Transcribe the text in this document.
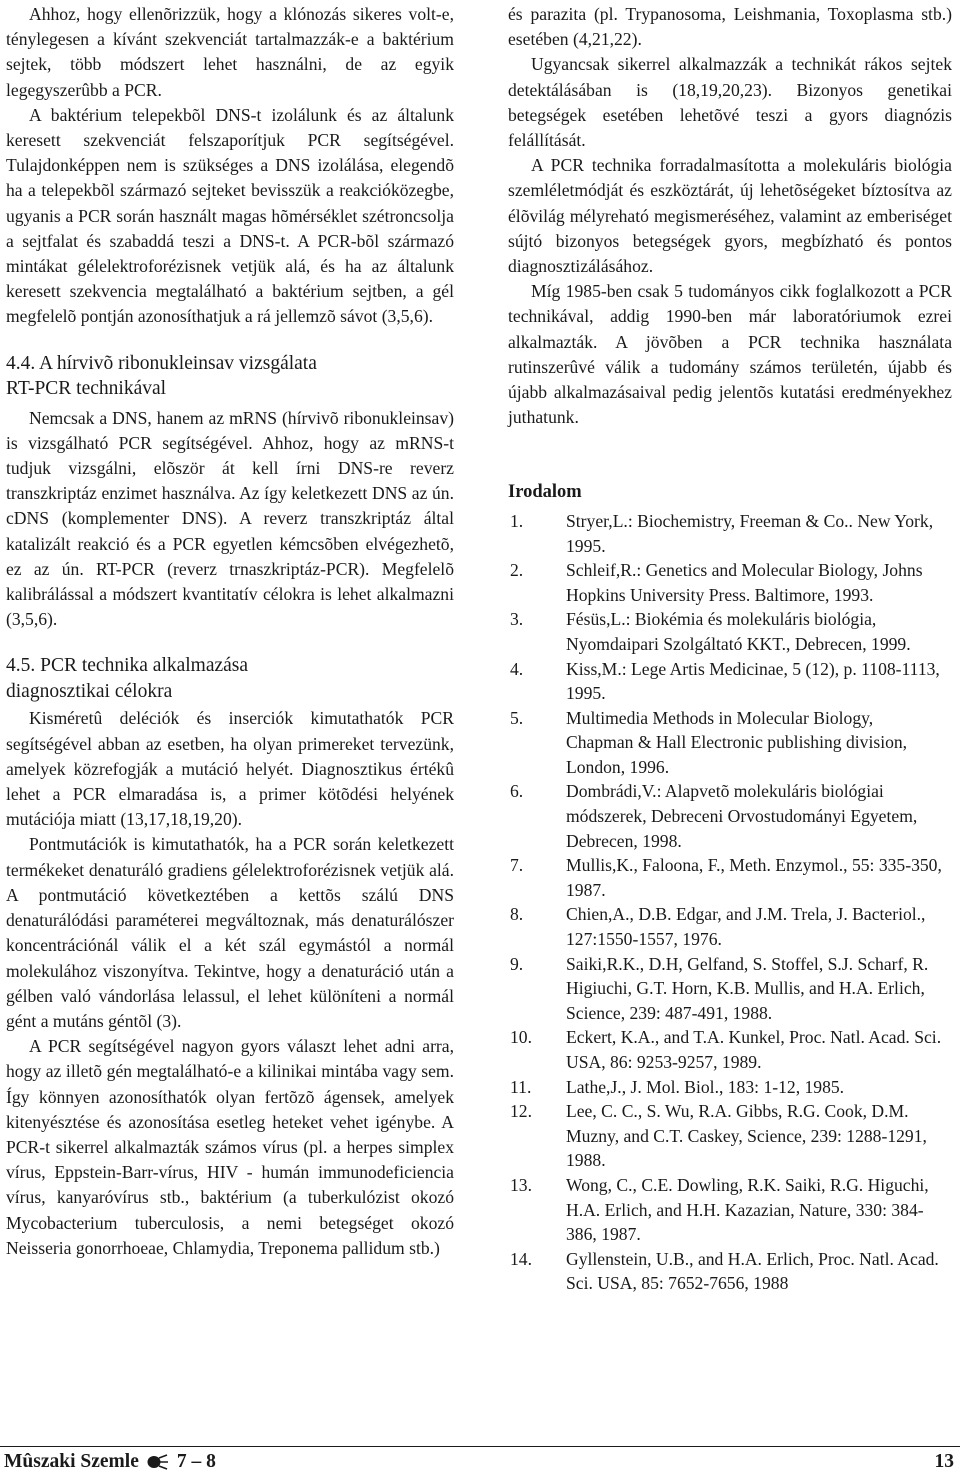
Ahhoz, hogy ellenõrizzük, hogy a klónozás sikeres volt-e, ténylegesen a kívánt szekvenciát tartalmazzák-e a baktérium sejtek, több módszert lehet használni, de az egyik legegyszerûbb a PCR.

A baktérium telepekbõl DNS-t izolálunk és az általunk keresett szekvenciát felszaporítjuk PCR segítségével. Tulajdonképpen nem is szükséges a DNS izolálása, elegendõ ha a telepekbõl származó sejteket bevisszük a reakcióközegbe, ugyanis a PCR során használt magas hõmérséklet szétroncsolja a sejtfalat és szabaddá teszi a DNS-t. A PCR-bõl származó mintákat gélelektroforézisnek vetjük alá, és ha az általunk keresett szekvencia megtalálható a baktérium sejtben, a gél megfelelõ pontján azonosíthatjuk a rá jellemzõ sávot (3,5,6).

4.4. A hírvivõ ribonukleinsav vizsgálata
RT-PCR technikával

Nemcsak a DNS, hanem az mRNS (hírvivõ ribonukleinsav) is vizsgálható PCR segítségével. Ahhoz, hogy az mRNS-t tudjuk vizsgálni, elõször át kell írni DNS-re reverz transzkriptáz enzimet használva. Az így keletkezett DNS az ún. cDNS (komplementer DNS). A reverz transzkriptáz által katalizált reakció és a PCR egyetlen kémcsõben elvégezhetõ, ez az ún. RT-PCR (reverz trnaszkriptáz-PCR). Megfelelõ kalibrálással a módszert kvantitatív célokra is lehet alkalmazni (3,5,6).

4.5. PCR technika alkalmazása
diagnosztikai célokra

Kisméretû deléciók és inserciók kimutathatók PCR segítségével abban az esetben, ha olyan primereket tervezünk, amelyek közrefogják a mutáció helyét. Diagnosztikus értékû lehet a PCR elmaradása is, a primer kötõdési helyének mutációja miatt (13,17,18,19,20).

Pontmutációk is kimutathatók, ha a PCR során keletkezett termékeket denaturáló gradiens gélelektroforézisnek vetjük alá. A pontmutáció következtében a kettõs szálú DNS denaturálódási paraméterei megváltoznak, más denaturálószer koncentrációnál válik el a két szál egymástól a normál molekulához viszonyítva. Tekintve, hogy a denaturáció után a gélben való vándorlása lelassul, el lehet különíteni a normál gént a mutáns géntõl (3).

A PCR segítségével nagyon gyors választ lehet adni arra, hogy az illetõ gén megtalálható-e a kilinikai mintába vagy sem. Így könnyen azonosíthatók olyan fertõzõ ágensek, amelyek kitenyésztése és azonosítása esetleg heteket vehet igénybe. A PCR-t sikerrel alkalmazták számos vírus (pl. a herpes simplex vírus, Eppstein-Barr-vírus, HIV - humán immunodeficiencia vírus, kanyaróvírus stb., baktérium (a tuberkulózist okozó Mycobacterium tuberculosis, a nemi betegséget okozó Neisseria gonorrhoeae, Chlamydia, Treponema pallidum stb.)

és parazita (pl. Trypanosoma, Leishmania, Toxoplasma stb.) esetében (4,21,22).

Ugyancsak sikerrel alkalmazzák a technikát rákos sejtek detektálásában is (18,19,20,23). Bizonyos genetikai betegségek esetében lehetõvé teszi a gyors diagnózis felállítását.

A PCR technika forradalmasította a molekuláris biológia szemléletmódját és eszköztárát, új lehetõségeket bíztosítva az élõvilág mélyreható megismeréséhez, valamint az emberiséget sújtó bizonyos betegségek gyors, megbízható és pontos diagnosztizálásához.

Míg 1985-ben csak 5 tudományos cikk foglalkozott a PCR technikával, addig 1990-ben már laboratóriumok ezrei alkalmazták. A jövõben a PCR technika használata rutinszerûvé válik a tudomány számos területén, újabb és újabb alkalmazásaival pedig jelentõs kutatási eredményekhez juthatunk.

Irodalom
1.	Stryer,L.: Biochemistry, Freeman & Co.. New York, 1995.
2.	Schleif,R.: Genetics and Molecular Biology, Johns Hopkins University Press. Baltimore, 1993.
3.	Fésüs,L.: Biokémia és molekuláris biológia, Nyomdaipari Szolgáltató KKT., Debrecen, 1999.
4.	Kiss,M.: Lege Artis Medicinae, 5 (12), p. 1108-1113, 1995.
5.	Multimedia Methods in Molecular Biology, Chapman & Hall Electronic publishing division, London, 1996.
6.	Dombrádi,V.: Alapvetõ molekuláris biológiai módszerek, Debreceni Orvostudományi Egyetem, Debrecen, 1998.
7.	Mullis,K., Faloona, F., Meth. Enzymol., 55: 335-350, 1987.
8.	Chien,A., D.B. Edgar, and J.M. Trela, J. Bacteriol., 127:1550-1557, 1976.
9.	Saiki,R.K., D.H, Gelfand, S. Stoffel, S.J. Scharf, R. Higiuchi, G.T. Horn, K.B. Mullis, and H.A. Erlich, Science, 239: 487-491, 1988.
10.	Eckert, K.A., and T.A. Kunkel, Proc. Natl. Acad. Sci. USA, 86: 9253-9257, 1989.
11.	Lathe,J., J. Mol. Biol., 183: 1-12, 1985.
12.	Lee, C. C., S. Wu, R.A. Gibbs, R.G. Cook, D.M. Muzny, and C.T. Caskey, Science, 239: 1288-1291, 1988.
13.	Wong, C., C.E. Dowling, R.K. Saiki, R.G. Higuchi, H.A. Erlich, and H.H. Kazazian, Nature, 330: 384-386, 1987.
14.	Gyllenstein, U.B., and H.A. Erlich, Proc. Natl. Acad. Sci. USA, 85: 7652-7656, 1988
Mûszaki Szemle 7 – 8	13
